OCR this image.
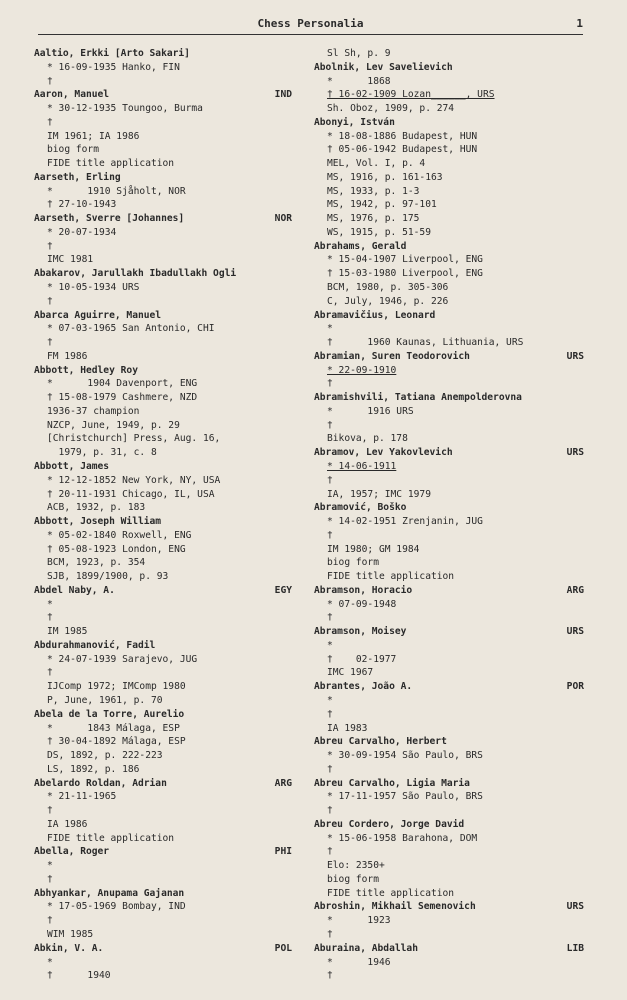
Chess Personalia	1
Aaltio, Erkki [Arto Sakari]
* 16-09-1935 Hanko, FIN
†
Aaron, Manuel	IND
* 30-12-1935 Toungoo, Burma
†
IM 1961; IA 1986
biog form
FIDE title application
Aarseth, Erling
*      1910 Sjåholt, NOR
† 27-10-1943
Aarseth, Sverre [Johannes]	NOR
* 20-07-1934
†
IMC 1981
Abakarov, Jarullakh Ibadullakh Ogli
* 10-05-1934 URS
†
Abarca Aguirre, Manuel
* 07-03-1965 San Antonio, CHI
†
FM 1986
Abbott, Hedley Roy
*      1904 Davenport, ENG
† 15-08-1979 Cashmere, NZD
1936-37 champion
NZCP, June, 1949, p. 29
[Christchurch] Press, Aug. 16,
1979, p. 31, c. 8
Abbott, James
* 12-12-1852 New York, NY, USA
† 20-11-1931 Chicago, IL, USA
ACB, 1932, p. 183
Abbott, Joseph William
* 05-02-1840 Roxwell, ENG
† 05-08-1923 London, ENG
BCM, 1923, p. 354
SJB, 1899/1900, p. 93
Abdel Naby, A.	EGY
*
†
IM 1985
Abdurahmanović, Fadil
* 24-07-1939 Sarajevo, JUG
†
IJComp 1972; IMComp 1980
P, June, 1961, p. 70
Abela de la Torre, Aurelio
*      1843 Málaga, ESP
† 30-04-1892 Málaga, ESP
DS, 1892, p. 222-223
LS, 1892, p. 186
Abelardo Roldan, Adrian	ARG
* 21-11-1965
†
IA 1986
FIDE title application
Abella, Roger	PHI
*
†
Abhyankar, Anupama Gajanan
* 17-05-1969 Bombay, IND
†
WIM 1985
Abkin, V. A.	POL
*
†      1940
Sl Sh, p. 9
Abolnik, Lev Savelievich
*      1868
† 16-02-1909 Lozan______, URS
Sh. Oboz, 1909, p. 274
Abonyi, István
* 18-08-1886 Budapest, HUN
† 05-06-1942 Budapest, HUN
MEL, Vol. I, p. 4
MS, 1916, p. 161-163
MS, 1933, p. 1-3
MS, 1942, p. 97-101
MS, 1976, p. 175
WS, 1915, p. 51-59
Abrahams, Gerald
* 15-04-1907 Liverpool, ENG
† 15-03-1980 Liverpool, ENG
BCM, 1980, p. 305-306
C, July, 1946, p. 226
Abramavičius, Leonard
*
†      1960 Kaunas, Lithuania, URS
Abramian, Suren Teodorovich	URS
* 22-09-1910
†
Abramishvili, Tatiana Anempolderovna
*      1916 URS
†
Bikova, p. 178
Abramov, Lev Yakovlevich	URS
* 14-06-1911
†
IA, 1957; IMC 1979
Abramović, Boško
* 14-02-1951 Zrenjanin, JUG
†
IM 1980; GM 1984
biog form
FIDE title application
Abramson, Horacio	ARG
* 07-09-1948
†
Abramson, Moisey	URS
*
†    02-1977
IMC 1967
Abrantes, João A.	POR
*
†
IA 1983
Abreu Carvalho, Herbert
* 30-09-1954 São Paulo, BRS
†
Abreu Carvalho, Ligia Maria
* 17-11-1957 São Paulo, BRS
†
Abreu Cordero, Jorge David
* 15-06-1958 Barahona, DOM
†
Elo: 2350+
biog form
FIDE title application
Abroshin, Mikhail Semenovich	URS
*      1923
†
Aburaina, Abdallah	LIB
*      1946
†
